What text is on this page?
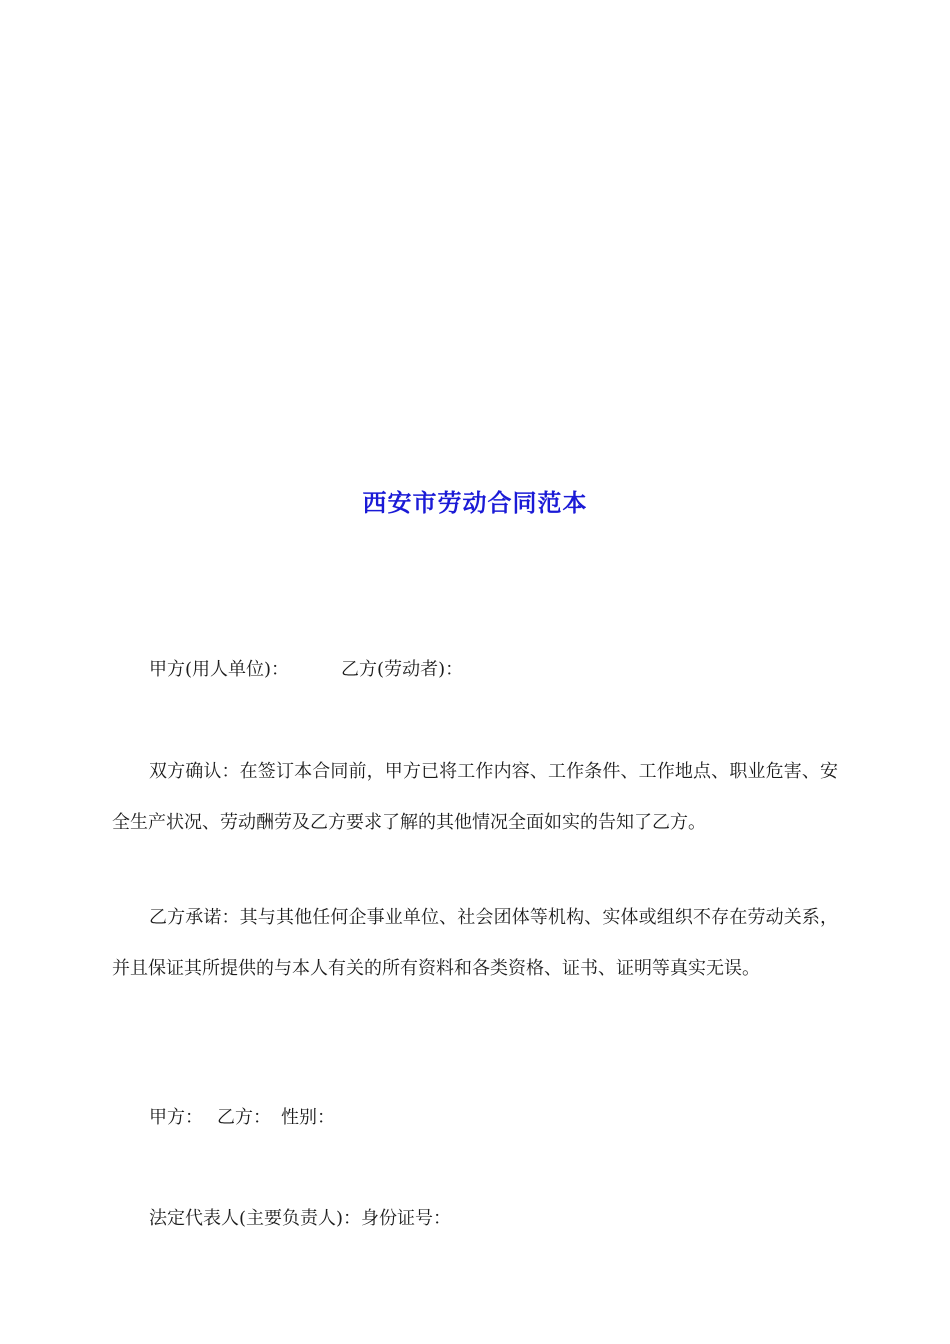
西安市劳动合同范本

甲方(用人单位)：	乙方(劳动者)：

双方确认：在签订本合同前，甲方已将工作内容、工作条件、工作地点、职业危害、安全生产状况、劳动酬劳及乙方要求了解的其他情况全面如实的告知了乙方。

乙方承诺：其与其他任何企事业单位、社会团体等机构、实体或组织不存在劳动关系，并且保证其所提供的与本人有关的所有资料和各类资格、证书、证明等真实无误。

甲方： 乙方： 性别：

法定代表人(主要负责人)：身份证号：
